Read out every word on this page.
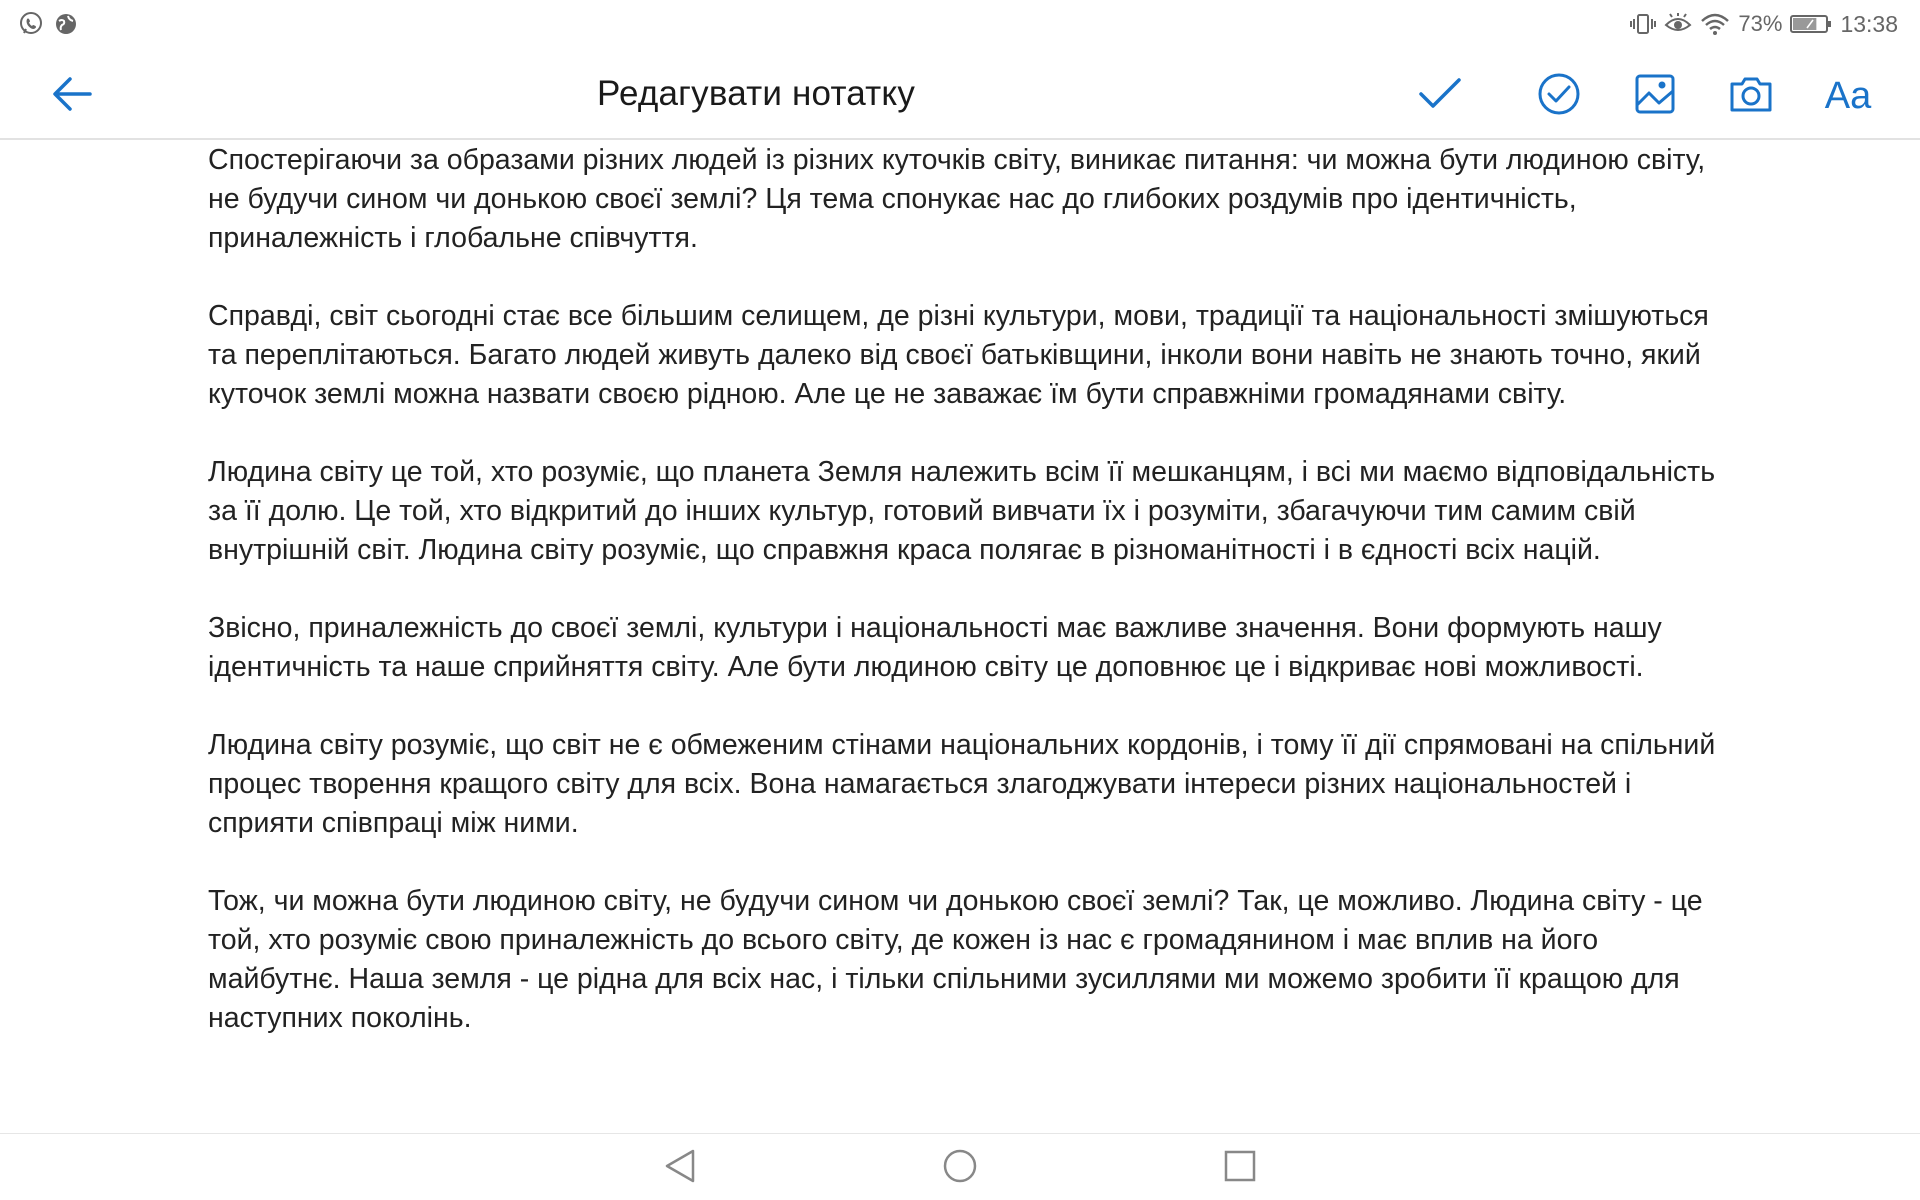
73%	13:38
Редагувати нотатку	Aa

Спостерігаючи за образами різних людей із різних куточків світу, виникає питання: чи можна бути людиною світу, не будучи сином чи донькою своєї землі? Ця тема спонукає нас до глибоких роздумів про ідентичність, приналежність і глобальне співчуття.

Справді, світ сьогодні стає все більшим селищем, де різні культури, мови, традиції та національності змішуються та переплітаються. Багато людей живуть далеко від своєї батьківщини, інколи вони навіть не знають точно, який куточок землі можна назвати своєю рідною. Але це не заважає їм бути справжніми громадянами світу.

Людина світу це той, хто розуміє, що планета Земля належить всім її мешканцям, і всі ми маємо відповідальність за її долю. Це той, хто відкритий до інших культур, готовий вивчати їх і розуміти, збагачуючи тим самим свій внутрішній світ. Людина світу розуміє, що справжня краса полягає в різноманітності і в єдності всіх націй.

Звісно, приналежність до своєї землі, культури і національності має важливе значення. Вони формують нашу ідентичність та наше сприйняття світу. Але бути людиною світу це доповнює це і відкриває нові можливості.

Людина світу розуміє, що світ не є обмеженим стінами національних кордонів, і тому її дії спрямовані на спільний процес творення кращого світу для всіх. Вона намагається злагоджувати інтереси різних національностей і сприяти співпраці між ними.

Тож, чи можна бути людиною світу, не будучи сином чи донькою своєї землі? Так, це можливо. Людина світу - це той, хто розуміє свою приналежність до всього світу, де кожен із нас є громадянином і має вплив на його майбутнє. Наша земля - це рідна для всіх нас, і тільки спільними зусиллями ми можемо зробити її кращою для наступних поколінь.
